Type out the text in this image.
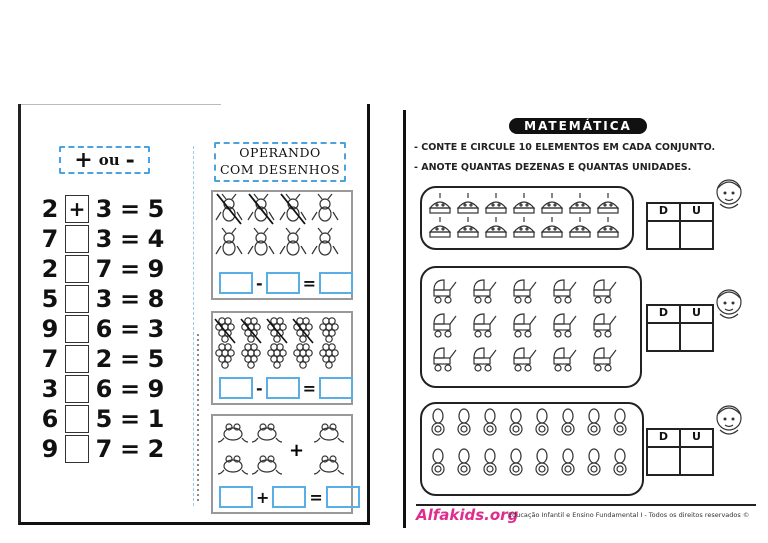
+ ou -
2 + 3 = 5
7 3 = 4
2 7 = 9
5 3 = 8
9 6 = 3
7 2 = 5
3 6 = 9
6 5 = 1
9 7 = 2
OPERANDO
COM DESENHOS
-	=
-	=
+
+	=
MATEMÁTICA
- CONTE E CIRCULE 10 ELEMENTOS EM CADA CONJUNTO.
- ANOTE QUANTAS DEZENAS E QUANTAS UNIDADES.
D	U
D	U
D	U
Alfakids.org
Educação Infantil e Ensino Fundamental I - Todos os direitos reservados ©
